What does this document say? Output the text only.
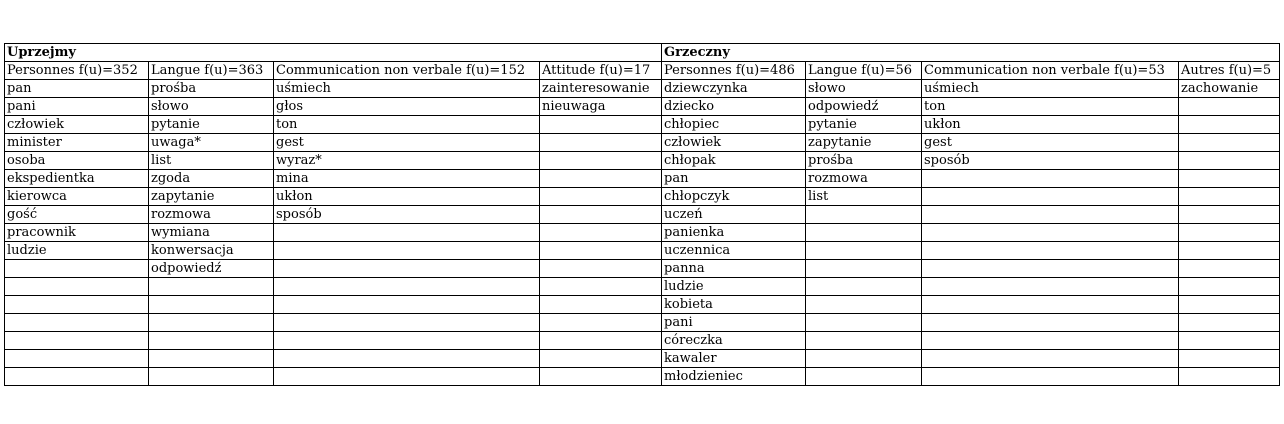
Uprzejmy				Grzeczny			
Personnes f(u)=352	Langue f(u)=363	Communication non verbale f(u)=152	Attitude f(u)=17	Personnes f(u)=486	Langue f(u)=56	Communication non verbale f(u)=53	Autres f(u)=5
pan	prośba	uśmiech	zainteresowanie	dziewczynka	słowo	uśmiech	zachowanie
pani	słowo	głos	nieuwaga	dziecko	odpowiedź	ton	
człowiek	pytanie	ton		chłopiec	pytanie	ukłon	
minister	uwaga*	gest		człowiek	zapytanie	gest	
osoba	list	wyraz*		chłopak	prośba	sposób	
ekspedientka	zgoda	mina		pan	rozmowa		
kierowca	zapytanie	ukłon		chłopczyk	list		
gość	rozmowa	sposób		uczeń			
pracownik	wymiana			panienka			
ludzie	konwersacja			uczennica			
	odpowiedź			panna			
				ludzie			
				kobieta			
				pani			
				córeczka			
				kawaler			
				młodzieniec			
